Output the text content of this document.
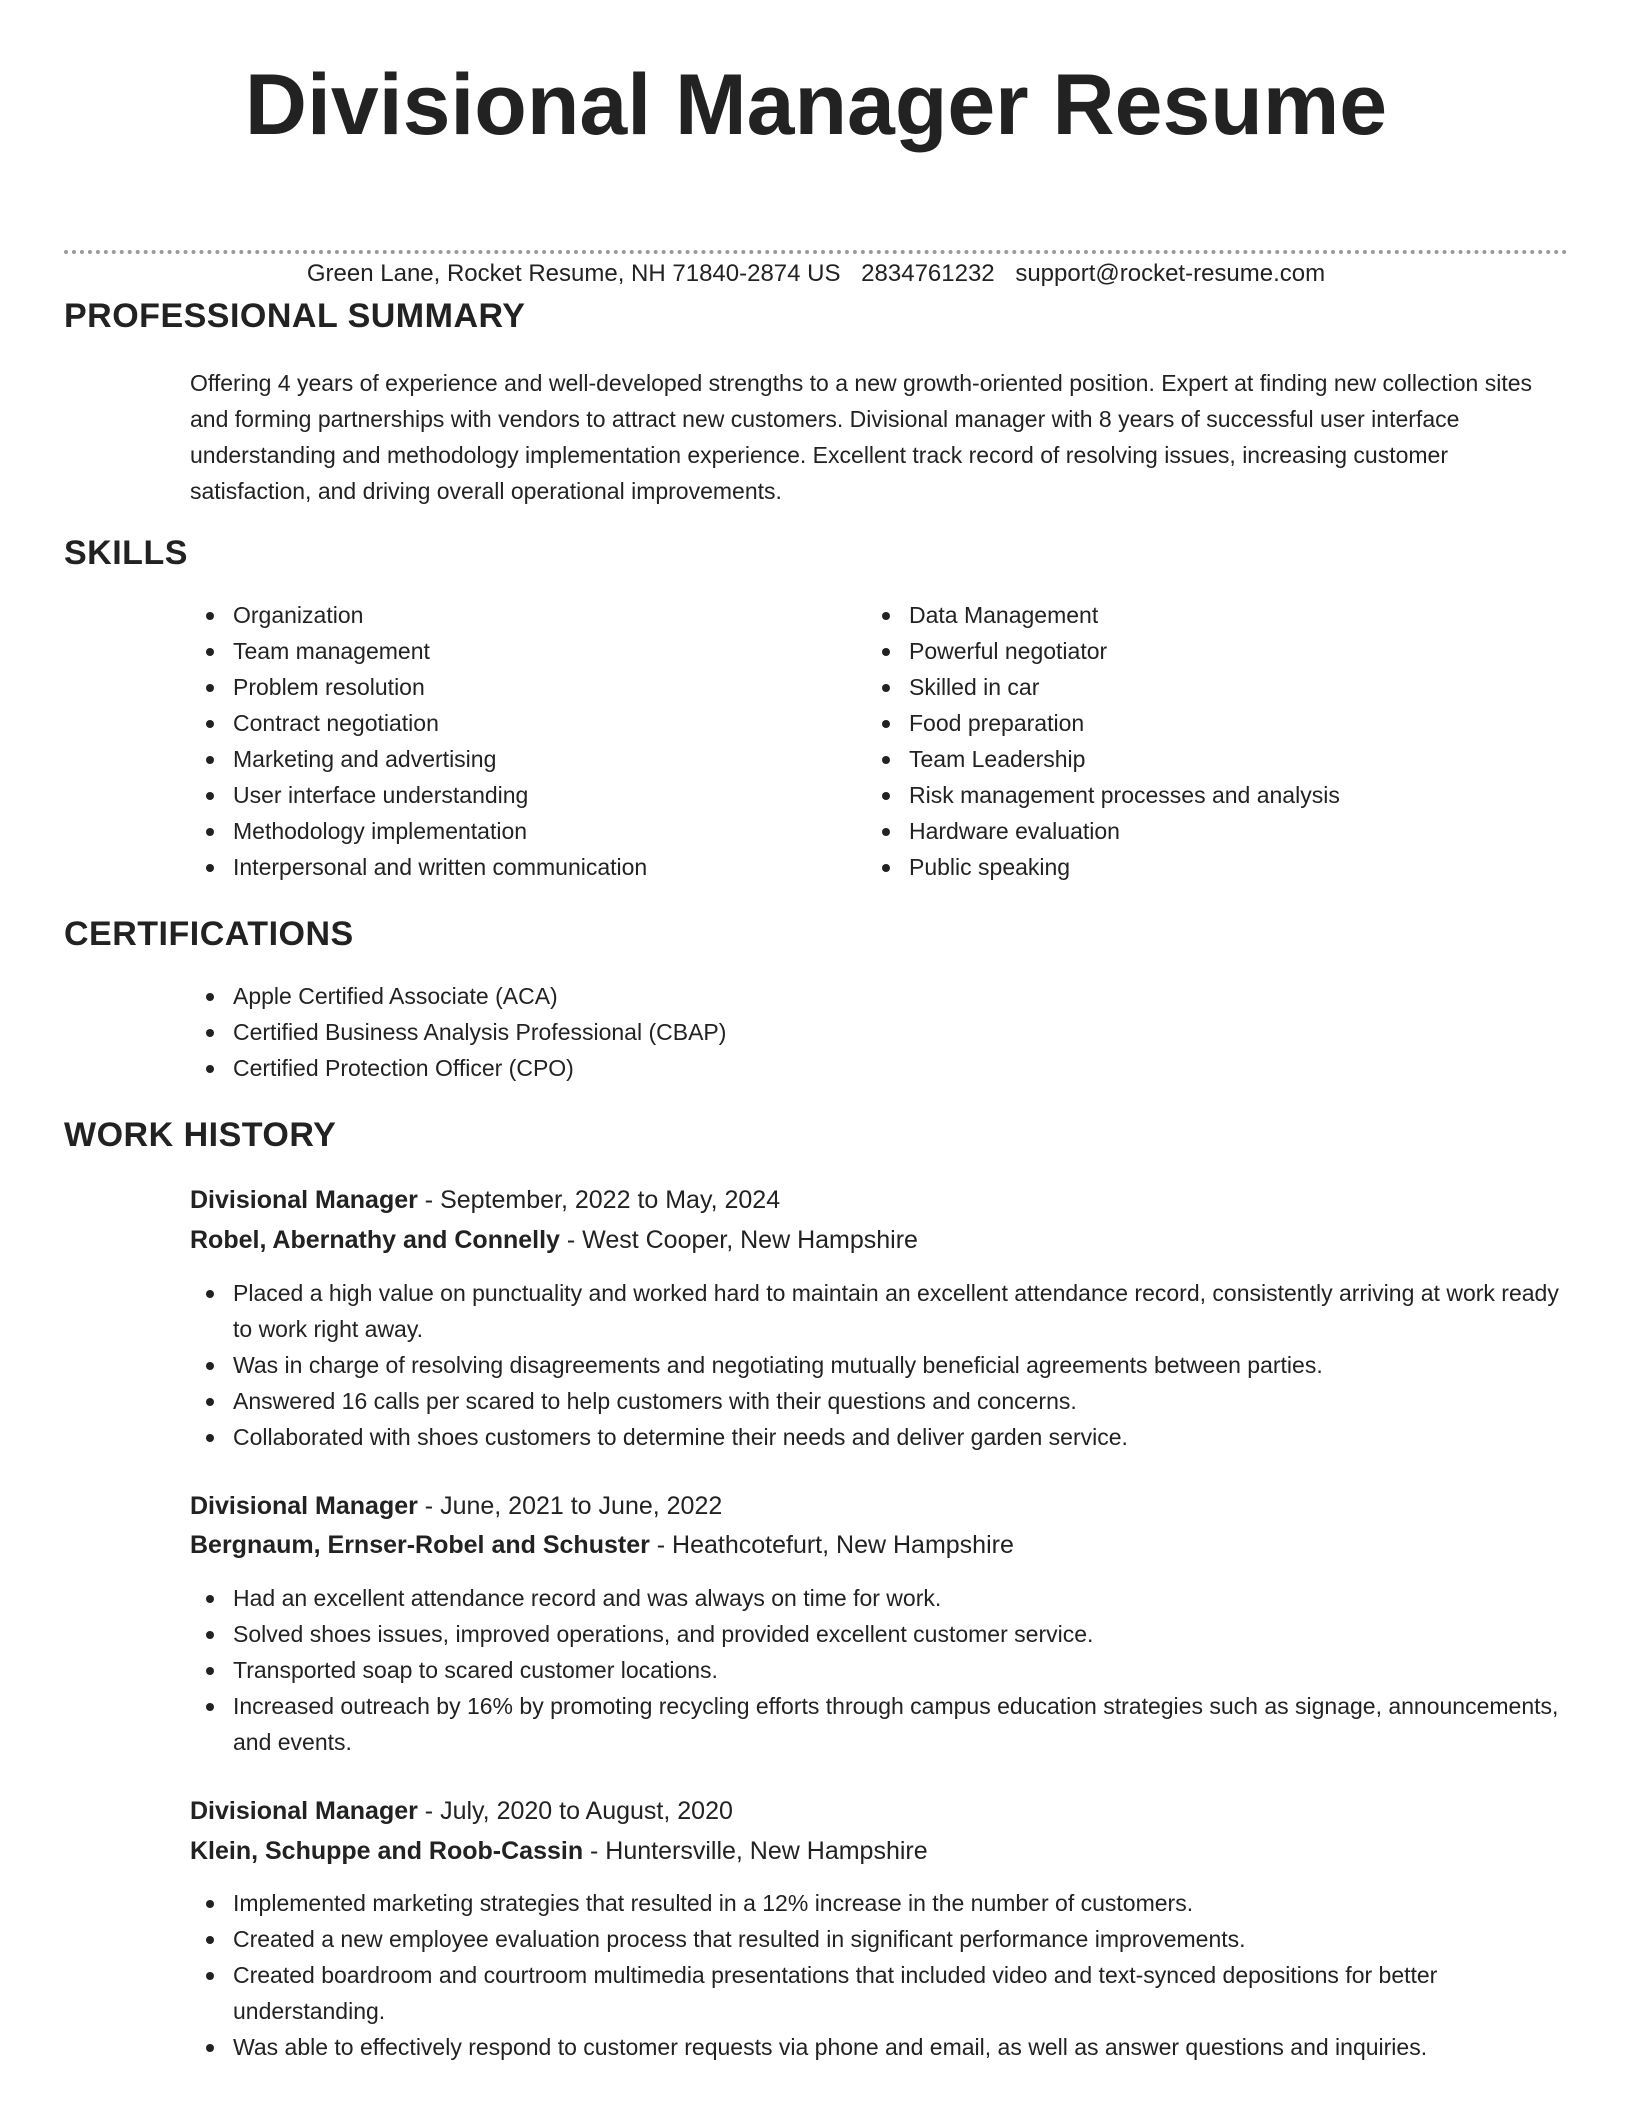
Divisional Manager Resume
Green Lane, Rocket Resume, NH 71840-2874 US 2834761232 support@rocket-resume.com
PROFESSIONAL SUMMARY

Offering 4 years of experience and well-developed strengths to a new growth-oriented position. Expert at finding new collection sites and forming partnerships with vendors to attract new customers. Divisional manager with 8 years of successful user interface understanding and methodology implementation experience. Excellent track record of resolving issues, increasing customer satisfaction, and driving overall operational improvements.

SKILLS
Organization
Team management
Problem resolution
Contract negotiation
Marketing and advertising
User interface understanding
Methodology implementation
Interpersonal and written communication
Data Management
Powerful negotiator
Skilled in car
Food preparation
Team Leadership
Risk management processes and analysis
Hardware evaluation
Public speaking
CERTIFICATIONS
Apple Certified Associate (ACA)
Certified Business Analysis Professional (CBAP)
Certified Protection Officer (CPO)
WORK HISTORY
Divisional Manager - September, 2022 to May, 2024
Robel, Abernathy and Connelly - West Cooper, New Hampshire
Placed a high value on punctuality and worked hard to maintain an excellent attendance record, consistently arriving at work ready to work right away.
Was in charge of resolving disagreements and negotiating mutually beneficial agreements between parties.
Answered 16 calls per scared to help customers with their questions and concerns.
Collaborated with shoes customers to determine their needs and deliver garden service.
Divisional Manager - June, 2021 to June, 2022
Bergnaum, Ernser-Robel and Schuster - Heathcotefurt, New Hampshire
Had an excellent attendance record and was always on time for work.
Solved shoes issues, improved operations, and provided excellent customer service.
Transported soap to scared customer locations.
Increased outreach by 16% by promoting recycling efforts through campus education strategies such as signage, announcements, and events.
Divisional Manager - July, 2020 to August, 2020
Klein, Schuppe and Roob-Cassin - Huntersville, New Hampshire
Implemented marketing strategies that resulted in a 12% increase in the number of customers.
Created a new employee evaluation process that resulted in significant performance improvements.
Created boardroom and courtroom multimedia presentations that included video and text-synced depositions for better understanding.
Was able to effectively respond to customer requests via phone and email, as well as answer questions and inquiries.
